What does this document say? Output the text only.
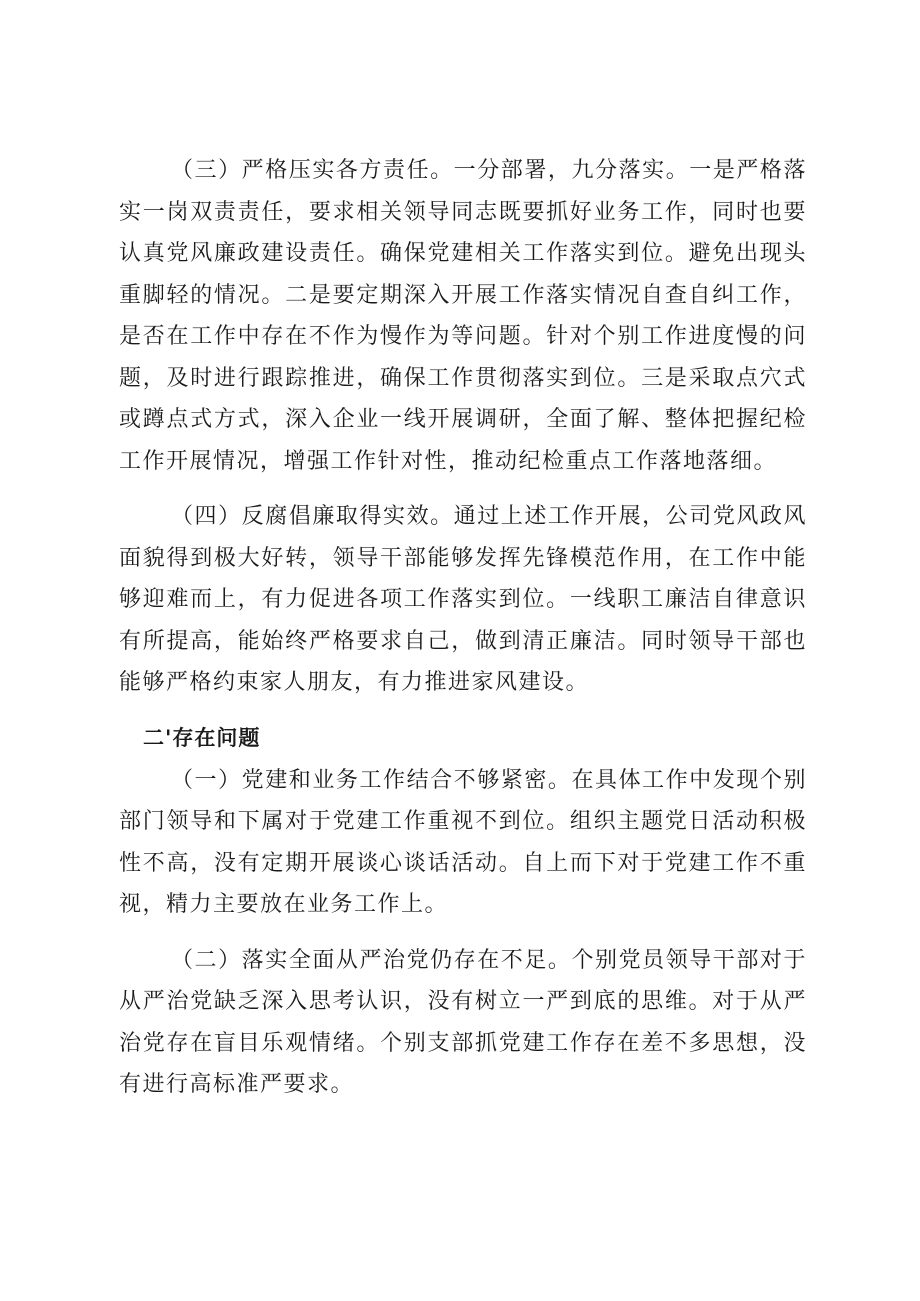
（三）严格压实各方责任。一分部署，九分落实。一是严格落实一岗双责责任，要求相关领导同志既要抓好业务工作，同时也要认真党风廉政建设责任。确保党建相关工作落实到位。避免出现头重脚轻的情况。二是要定期深入开展工作落实情况自查自纠工作，是否在工作中存在不作为慢作为等问题。针对个别工作进度慢的问题，及时进行跟踪推进，确保工作贯彻落实到位。三是采取点穴式或蹲点式方式，深入企业一线开展调研，全面了解、整体把握纪检工作开展情况，增强工作针对性，推动纪检重点工作落地落细。

（四）反腐倡廉取得实效。通过上述工作开展，公司党风政风面貌得到极大好转，领导干部能够发挥先锋模范作用，在工作中能够迎难而上，有力促进各项工作落实到位。一线职工廉洁自律意识有所提高，能始终严格要求自己，做到清正廉洁。同时领导干部也能够严格约束家人朋友，有力推进家风建设。

二'存在问题

（一）党建和业务工作结合不够紧密。在具体工作中发现个别部门领导和下属对于党建工作重视不到位。组织主题党日活动积极性不高，没有定期开展谈心谈话活动。自上而下对于党建工作不重视，精力主要放在业务工作上。

（二）落实全面从严治党仍存在不足。个别党员领导干部对于从严治党缺乏深入思考认识，没有树立一严到底的思维。对于从严治党存在盲目乐观情绪。个别支部抓党建工作存在差不多思想，没有进行高标准严要求。
